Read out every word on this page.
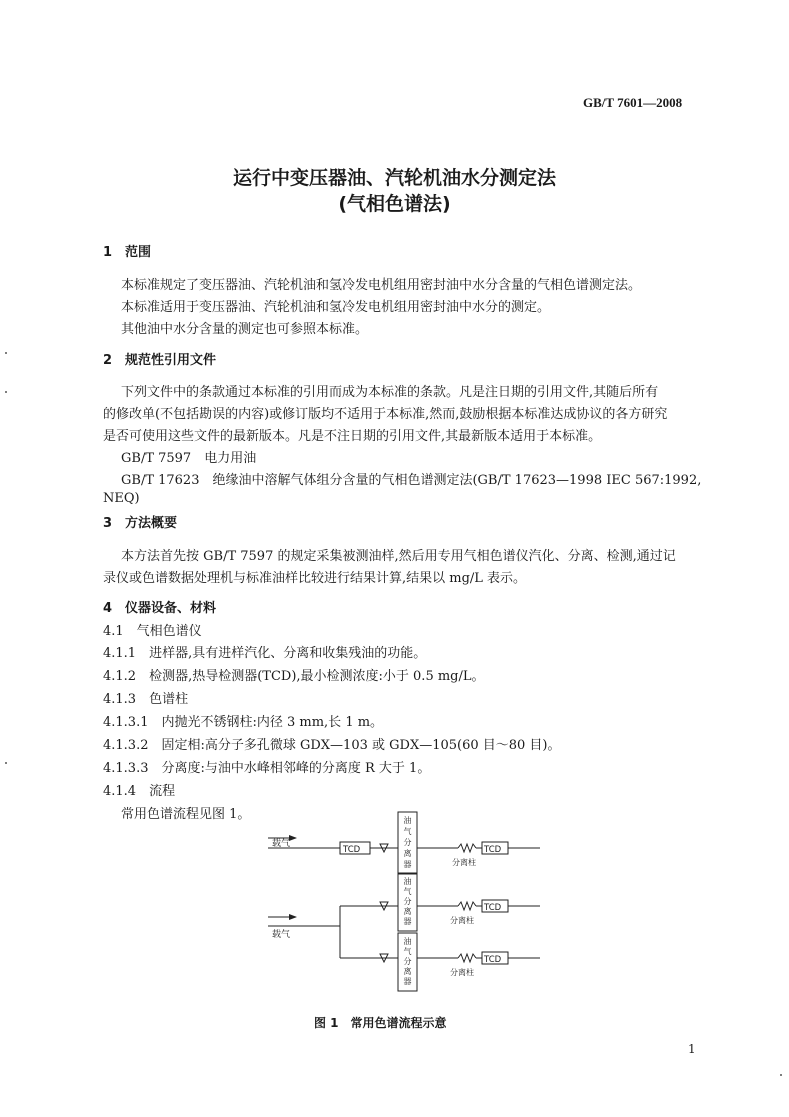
GB/T 7601—2008
运行中变压器油、汽轮机油水分测定法
(气相色谱法)
1　范围
本标准规定了变压器油、汽轮机油和氢冷发电机组用密封油中水分含量的气相色谱测定法。
本标准适用于变压器油、汽轮机油和氢冷发电机组用密封油中水分的测定。
其他油中水分含量的测定也可参照本标准。
2　规范性引用文件
下列文件中的条款通过本标准的引用而成为本标准的条款。凡是注日期的引用文件,其随后所有
的修改单(不包括勘误的内容)或修订版均不适用于本标准,然而,鼓励根据本标准达成协议的各方研究
是否可使用这些文件的最新版本。凡是不注日期的引用文件,其最新版本适用于本标准。
GB/T 7597　电力用油
GB/T 17623　绝缘油中溶解气体组分含量的气相色谱测定法(GB/T 17623—1998 IEC 567:1992,
NEQ)
3　方法概要
本方法首先按 GB/T 7597 的规定采集被测油样,然后用专用气相色谱仪汽化、分离、检测,通过记
录仪或色谱数据处理机与标准油样比较进行结果计算,结果以 mg/L 表示。
4　仪器设备、材料
4.1　气相色谱仪
4.1.1　进样器,具有进样汽化、分离和收集残油的功能。
4.1.2　检测器,热导检测器(TCD),最小检测浓度:小于 0.5 mg/L。
4.1.3　色谱柱
4.1.3.1　内抛光不锈钢柱:内径 3 mm,长 1 m。
4.1.3.2　固定相:高分子多孔微球 GDX—103 或 GDX—105(60 目～80 目)。
4.1.3.3　分离度:与油中水峰相邻峰的分离度 R 大于 1。
4.1.4　流程
常用色谱流程见图 1。
载气
载气
TCD	TCD
TCD
TCD
分离柱
分离柱
分离柱
油
气
分
离
器
油
气
分
离
器
油
气
分
离
器
图 1　常用色谱流程示意
1
